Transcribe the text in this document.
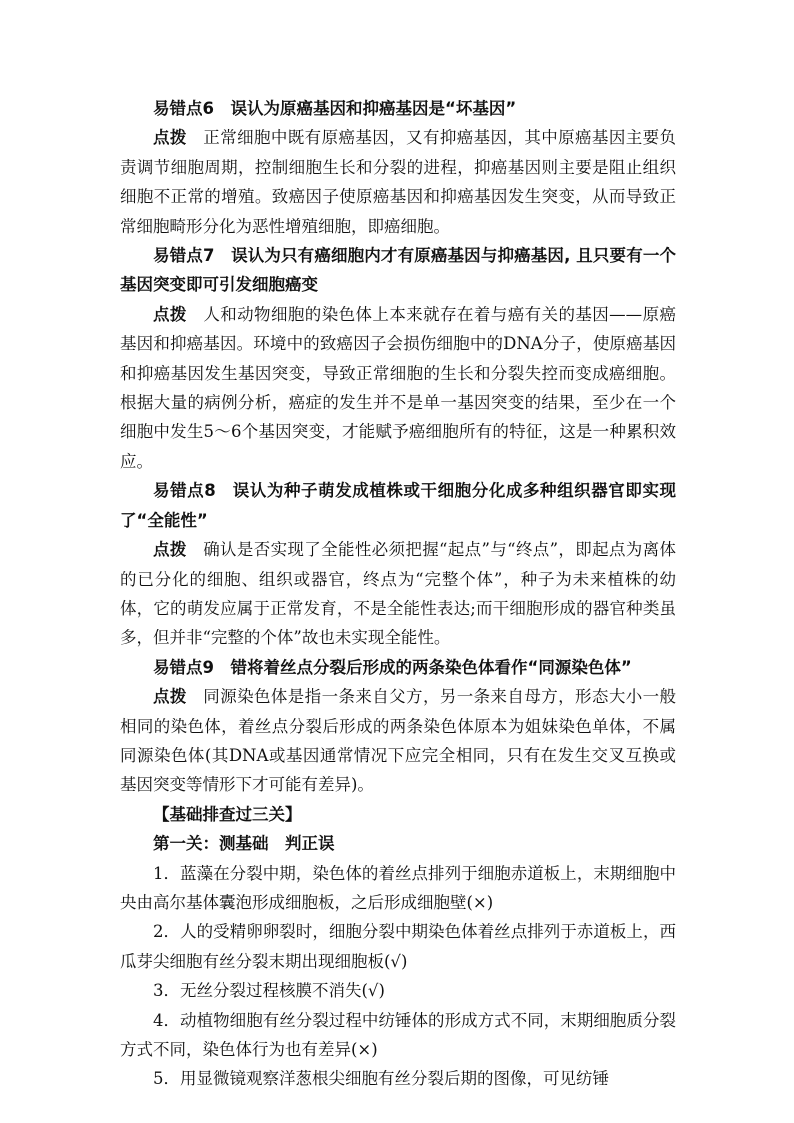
易错点6 误认为原癌基因和抑癌基因是“坏基因”

点拨 正常细胞中既有原癌基因，又有抑癌基因，其中原癌基因主要负责调节细胞周期，控制细胞生长和分裂的进程，抑癌基因则主要是阻止组织细胞不正常的增殖。致癌因子使原癌基因和抑癌基因发生突变，从而导致正常细胞畸形分化为恶性增殖细胞，即癌细胞。

易错点7 误认为只有癌细胞内才有原癌基因与抑癌基因, 且只要有一个基因突变即可引发细胞癌变

点拨 人和动物细胞的染色体上本来就存在着与癌有关的基因——原癌基因和抑癌基因。环境中的致癌因子会损伤细胞中的DNA分子，使原癌基因和抑癌基因发生基因突变，导致正常细胞的生长和分裂失控而变成癌细胞。根据大量的病例分析，癌症的发生并不是单一基因突变的结果，至少在一个细胞中发生5～6个基因突变，才能赋予癌细胞所有的特征，这是一种累积效应。

易错点8 误认为种子萌发成植株或干细胞分化成多种组织器官即实现了“全能性”

点拨 确认是否实现了全能性必须把握“起点”与“终点”，即起点为离体的已分化的细胞、组织或器官，终点为“完整个体”，种子为未来植株的幼体，它的萌发应属于正常发育，不是全能性表达;而干细胞形成的器官种类虽多，但并非“完整的个体”故也未实现全能性。

易错点9 错将着丝点分裂后形成的两条染色体看作“同源染色体”

点拨 同源染色体是指一条来自父方，另一条来自母方，形态大小一般相同的染色体，着丝点分裂后形成的两条染色体原本为姐妹染色单体，不属同源染色体(其DNA或基因通常情况下应完全相同，只有在发生交叉互换或基因突变等情形下才可能有差异)。

【基础排查过三关】

第一关：测基础 判正误

1．蓝藻在分裂中期，染色体的着丝点排列于细胞赤道板上，末期细胞中央由高尔基体囊泡形成细胞板，之后形成细胞壁(×)

2．人的受精卵卵裂时，细胞分裂中期染色体着丝点排列于赤道板上，西瓜芽尖细胞有丝分裂末期出现细胞板(√)

3．无丝分裂过程核膜不消失(√)

4．动植物细胞有丝分裂过程中纺锤体的形成方式不同，末期细胞质分裂方式不同，染色体行为也有差异(×)

5．用显微镜观察洋葱根尖细胞有丝分裂后期的图像，可见纺锤
